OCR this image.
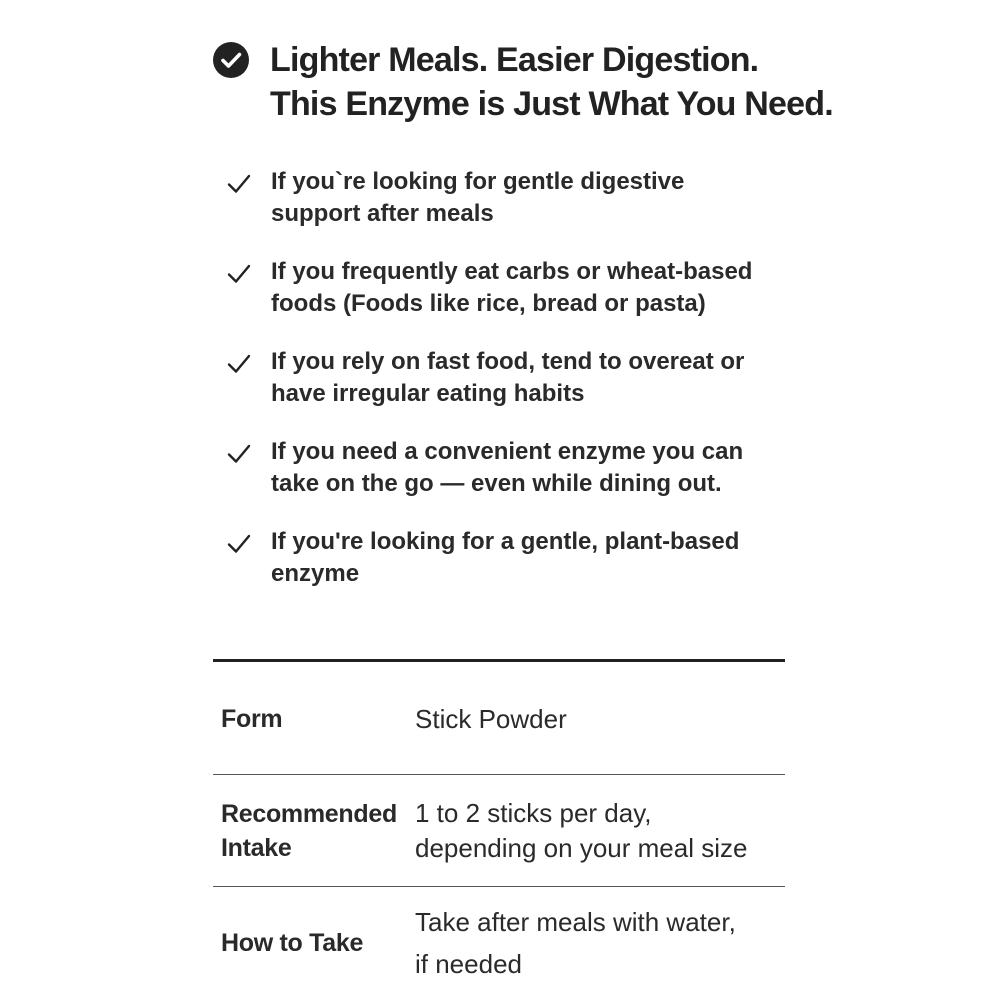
Lighter Meals. Easier Digestion.
This Enzyme is Just What You Need.
If you`re looking for gentle digestive
support after meals
If you frequently eat carbs or wheat-based
foods (Foods like rice, bread or pasta)
If you rely on fast food, tend to overeat or
have irregular eating habits
If you need a convenient enzyme you can
take on the go — even while dining out.
If you're looking for a gentle, plant-based
enzyme
Form	Stick Powder
Recommended
Intake
1 to 2 sticks per day,
depending on your meal size
How to Take
Take after meals with water,
if needed
